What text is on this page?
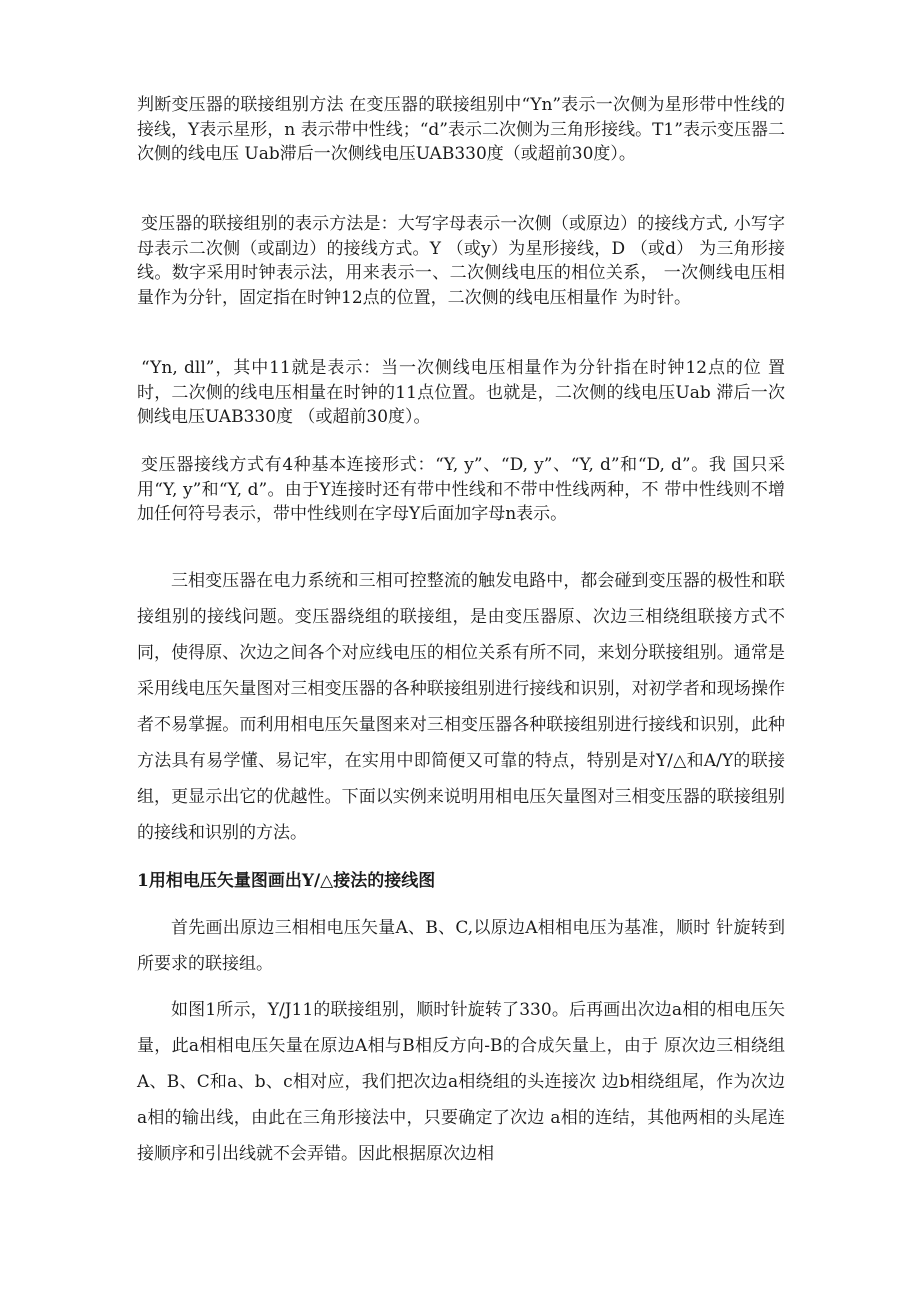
判断变压器的联接组别方法 在变压器的联接组别中“Yn”表示一次侧为星形带中性线的接线，Y表示星形，n 表示带中性线；“d”表示二次侧为三角形接线。T1”表示变压器二次侧的线电压 Uab滞后一次侧线电压UAB330度（或超前30度）。

变压器的联接组别的表示方法是：大写字母表示一次侧（或原边）的接线方式, 小写字母表示二次侧（或副边）的接线方式。Y （或y）为星形接线，D （或d） 为三角形接线。数字采用时钟表示法，用来表示一、二次侧线电压的相位关系， 一次侧线电压相量作为分针，固定指在时钟12点的位置，二次侧的线电压相量作 为时针。

“Yn, dll”，其中11就是表示：当一次侧线电压相量作为分针指在时钟12点的位 置时，二次侧的线电压相量在时钟的11点位置。也就是，二次侧的线电压Uab 滞后一次侧线电压UAB330度 （或超前30度）。

变压器接线方式有4种基本连接形式：“Y, y”、“D, y”、“Y, d”和“D, d”。我 国只采用“Y, y”和“Y, d”。由于Y连接时还有带中性线和不带中性线两种，不 带中性线则不增加任何符号表示，带中性线则在字母Y后面加字母n表示。

三相变压器在电力系统和三相可控整流的触发电路中，都会碰到变压器的极性和联接组别的接线问题。变压器绕组的联接组，是由变压器原、次边三相绕组联接方式不同，使得原、次边之间各个对应线电压的相位关系有所不同，来划分联接组别。通常是采用线电压矢量图对三相变压器的各种联接组别进行接线和识别，对初学者和现场操作者不易掌握。而利用相电压矢量图来对三相变压器各种联接组别进行接线和识别，此种方法具有易学懂、易记牢，在实用中即简便又可靠的特点，特别是对Y/△和A/Y的联接组，更显示出它的优越性。下面以实例来说明用相电压矢量图对三相变压器的联接组别的接线和识别的方法。

1用相电压矢量图画出Y/△接法的接线图

首先画出原边三相相电压矢量A、B、C,以原边A相相电压为基准，顺时 针旋转到所要求的联接组。

如图1所示，Y/J11的联接组别，顺时针旋转了330。后再画出次边a相的相电压矢量，此a相相电压矢量在原边A相与B相反方向-B的合成矢量上，由于 原次边三相绕组A、B、C和a、b、c相对应，我们把次边a相绕组的头连接次 边b相绕组尾，作为次边a相的输出线，由此在三角形接法中，只要确定了次边 a相的连结，其他两相的头尾连接顺序和引出线就不会弄错。因此根据原次边相
